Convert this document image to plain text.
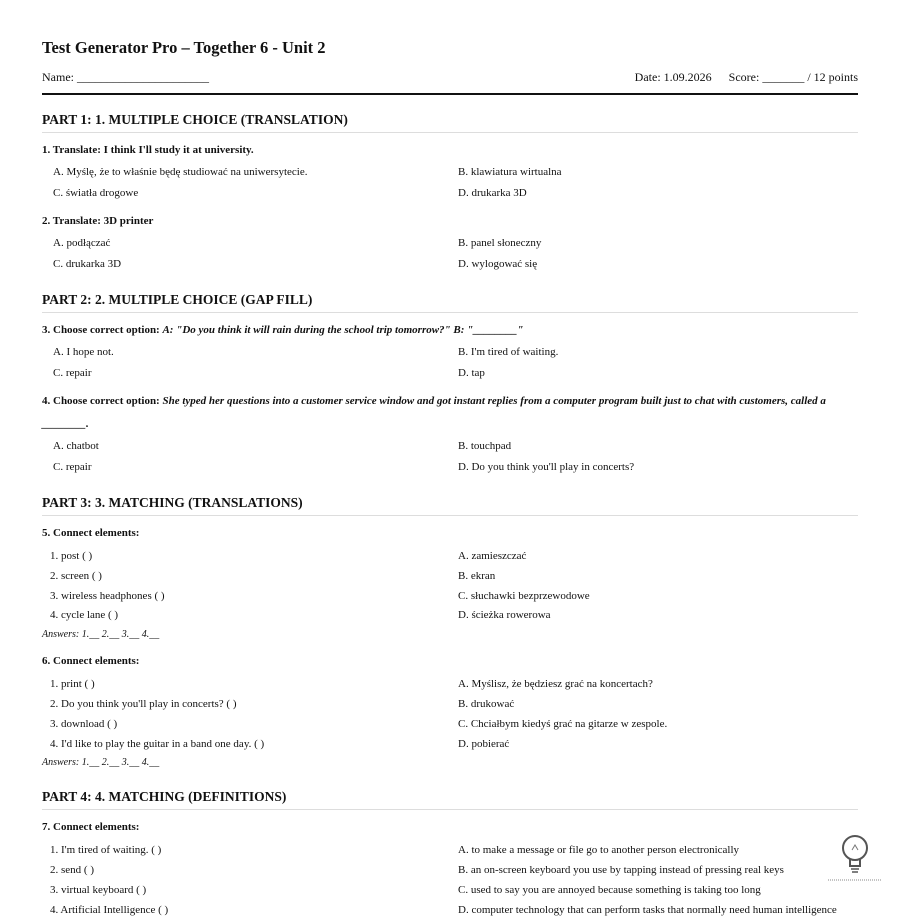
Test Generator Pro – Together 6 - Unit 2
Name: ______________________	Date: 1.09.2026 Score: _______ / 12 points
PART 1: 1. MULTIPLE CHOICE (TRANSLATION)
1. Translate: I think I'll study it at university.
A. Myślę, że to właśnie będę studiować na uniwersytecie.	B. klawiatura wirtualna
C. światła drogowe	D. drukarka 3D
2. Translate: 3D printer
A. podłączać	B. panel słoneczny
C. drukarka 3D	D. wylogować się
PART 2: 2. MULTIPLE CHOICE (GAP FILL)
3. Choose correct option: A: "Do you think it will rain during the school trip tomorrow?" B: "________"
A. I hope not.	B. I'm tired of waiting.
C. repair	D. tap
4. Choose correct option: She typed her questions into a customer service window and got instant replies from a computer program built just to chat with customers, called a ________.
A. chatbot	B. touchpad
C. repair	D. Do you think you'll play in concerts?
PART 3: 3. MATCHING (TRANSLATIONS)
5. Connect elements:
1. post ( )	A. zamieszczać
2. screen ( )	B. ekran
3. wireless headphones ( )	C. słuchawki bezprzewodowe
4. cycle lane ( )	D. ścieżka rowerowa
Answers: 1.__ 2.__ 3.__ 4.__
6. Connect elements:
1. print ( )	A. Myślisz, że będziesz grać na koncertach?
2. Do you think you'll play in concerts? ( )	B. drukować
3. download ( )	C. Chciałbym kiedyś grać na gitarze w zespole.
4. I'd like to play the guitar in a band one day. ( )	D. pobierać
Answers: 1.__ 2.__ 3.__ 4.__
PART 4: 4. MATCHING (DEFINITIONS)
7. Connect elements:
1. I'm tired of waiting. ( )	A. to make a message or file go to another person electronically
2. send ( )	B. an on-screen keyboard you use by tapping instead of pressing real keys
3. virtual keyboard ( )	C. used to say you are annoyed because something is taking too long
4. Artificial Intelligence ( )	D. computer technology that can perform tasks that normally need human intelligence
